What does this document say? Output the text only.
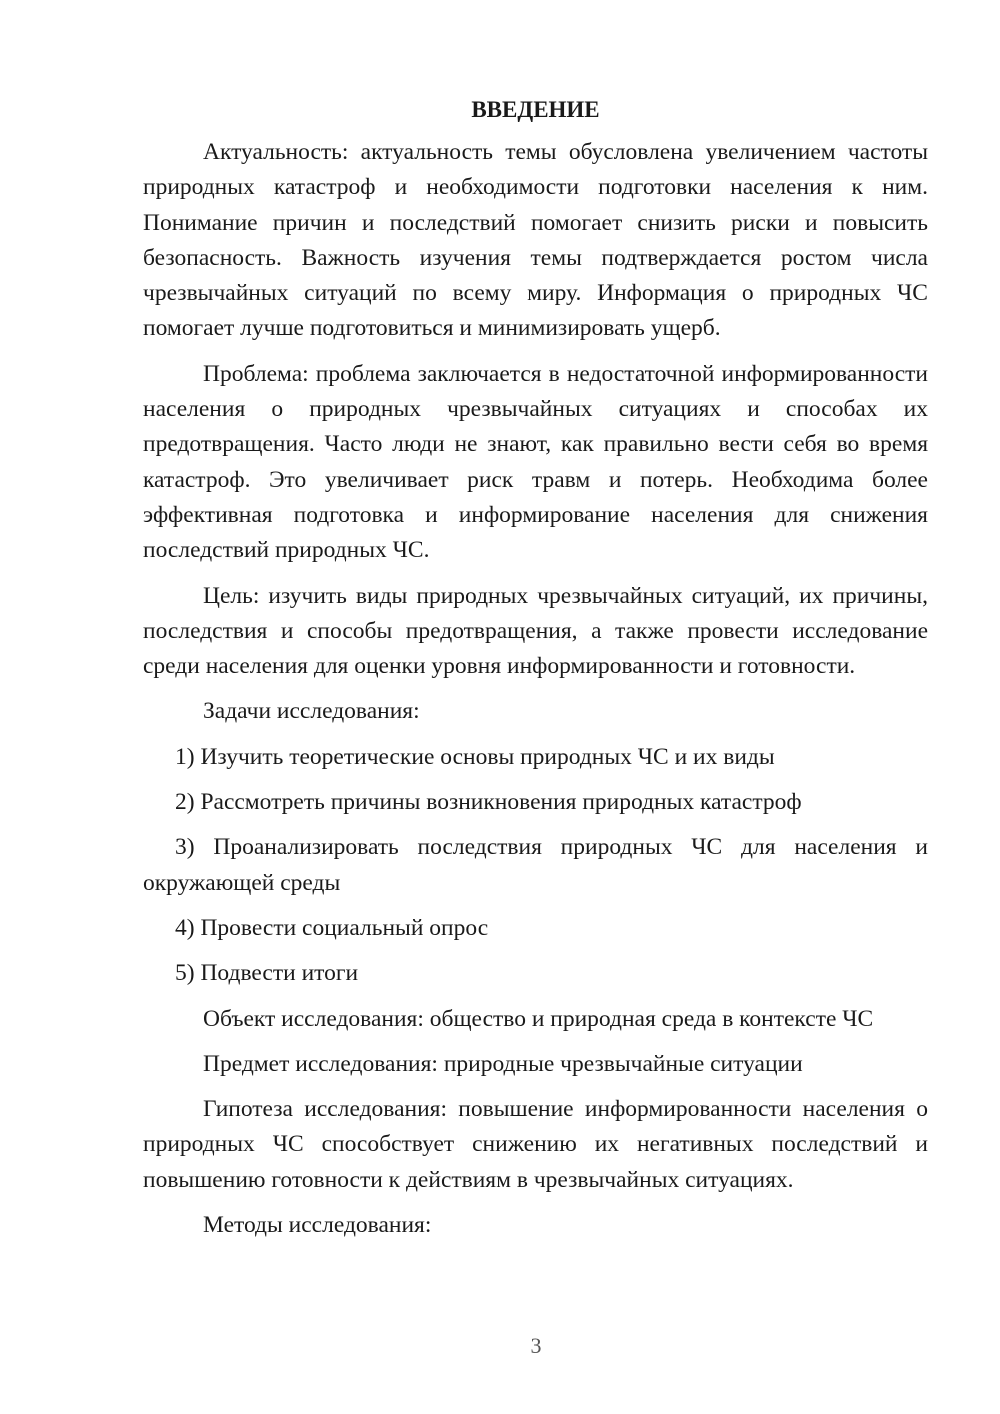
ВВЕДЕНИЕ

Актуальность: актуальность темы обусловлена увеличением частоты природных катастроф и необходимости подготовки населения к ним. Понимание причин и последствий помогает снизить риски и повысить безопасность. Важность изучения темы подтверждается ростом числа чрезвычайных ситуаций по всему миру. Информация о природных ЧС помогает лучше подготовиться и минимизировать ущерб.

Проблема: проблема заключается в недостаточной информированности населения о природных чрезвычайных ситуациях и способах их предотвращения. Часто люди не знают, как правильно вести себя во время катастроф. Это увеличивает риск травм и потерь. Необходима более эффективная подготовка и информирование населения для снижения последствий природных ЧС.

Цель: изучить виды природных чрезвычайных ситуаций, их причины, последствия и способы предотвращения, а также провести исследование среди населения для оценки уровня информированности и готовности.

Задачи исследования:

1) Изучить теоретические основы природных ЧС и их виды

2) Рассмотреть причины возникновения природных катастроф

3) Проанализировать последствия природных ЧС для населения и окружающей среды

4) Провести социальный опрос

5) Подвести итоги

Объект исследования: общество и природная среда в контексте ЧС

Предмет исследования: природные чрезвычайные ситуации

Гипотеза исследования: повышение информированности населения о природных ЧС способствует снижению их негативных последствий и повышению готовности к действиям в чрезвычайных ситуациях.

Методы исследования:

3
